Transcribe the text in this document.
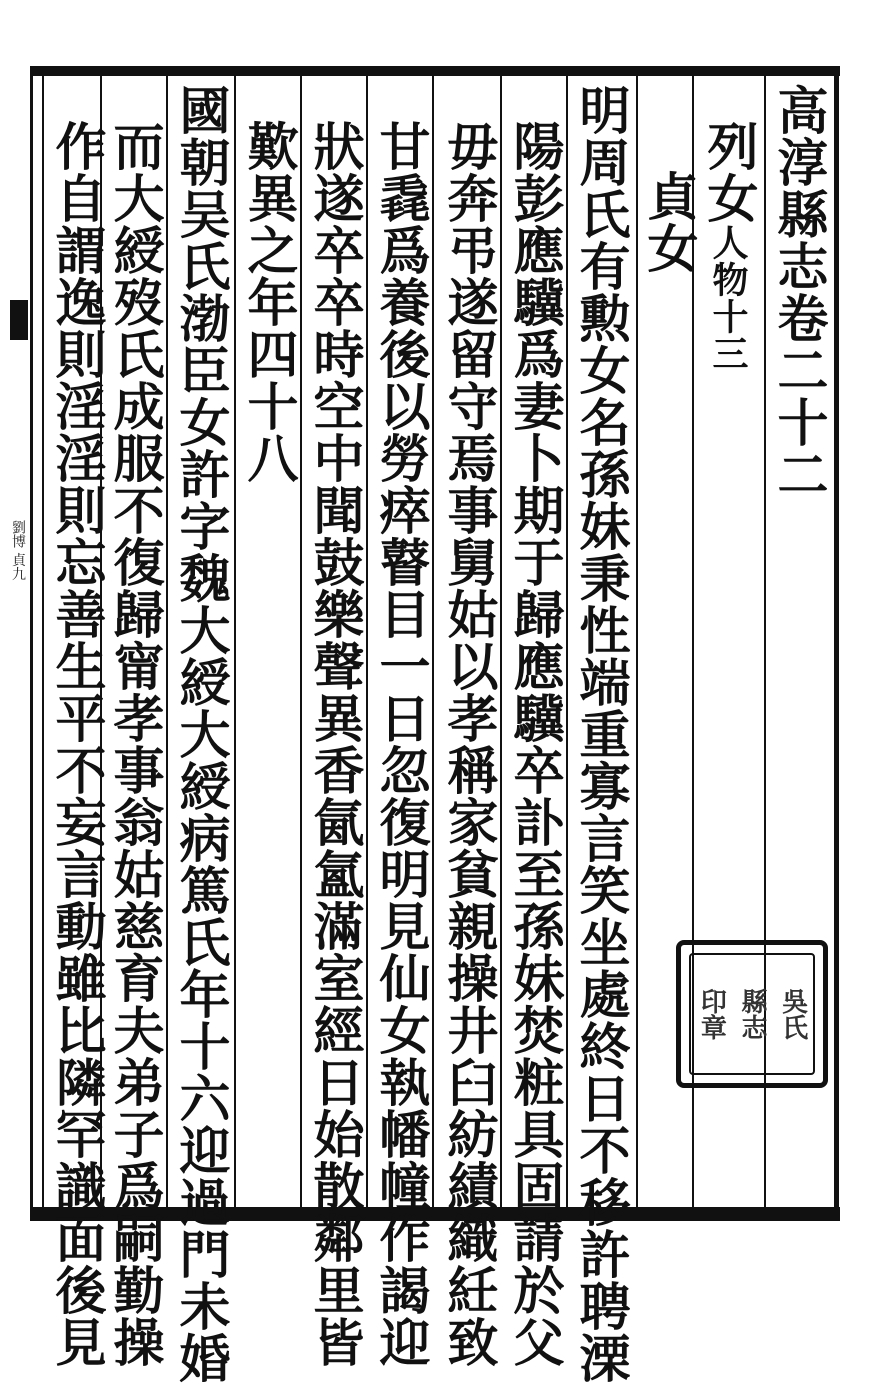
劉博 貞九
高淳縣志卷二十二
列女人物十三
貞女
明周氏有勲女名孫妹秉性端重寡言笑坐處終日不移許聘溧
陽彭應驥爲妻卜期于歸應驥卒訃至孫妹焚粧具固請於父
毋奔弔遂留守焉事舅姑以孝稱家貧親操井臼紡績織紝致
甘毳爲養後以勞瘁瞽目一日忽復明見仙女執幡幢作謁迎
狀遂卒卒時空中聞鼓樂聲異香氤氳滿室經日始散鄰里皆
歎異之年四十八
國朝吴氏渤臣女許字魏大綬大綬病篤氏年十六迎過門未婚
而大綬歿氏成服不復歸甯孝事翁姑慈育夫弟子爲嗣勤操
作自謂逸則淫淫則忘善生平不妄言動雖比隣罕識面後見	吳氏
縣志
印章
